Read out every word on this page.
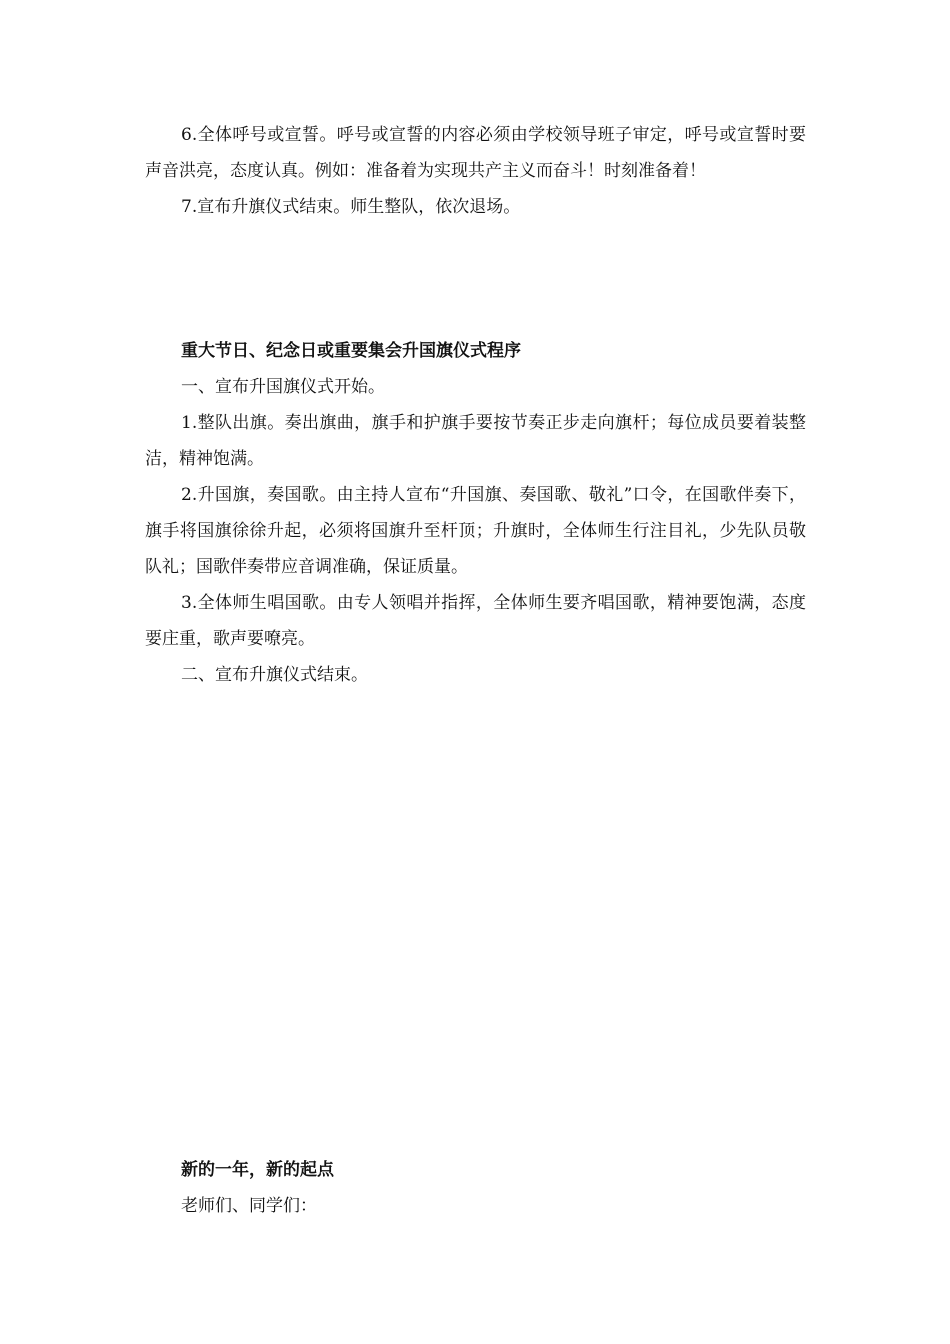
6.全体呼号或宣誓。呼号或宣誓的内容必须由学校领导班子审定，呼号或宣誓时要声音洪亮，态度认真。例如：准备着为实现共产主义而奋斗！时刻准备着！

7.宣布升旗仪式结束。师生整队，依次退场。

重大节日、纪念日或重要集会升国旗仪式程序

一、宣布升国旗仪式开始。

1.整队出旗。奏出旗曲，旗手和护旗手要按节奏正步走向旗杆；每位成员要着装整洁，精神饱满。

2.升国旗，奏国歌。由主持人宣布“升国旗、奏国歌、敬礼”口令，在国歌伴奏下，旗手将国旗徐徐升起，必须将国旗升至杆顶；升旗时，全体师生行注目礼，少先队员敬队礼；国歌伴奏带应音调准确，保证质量。

3.全体师生唱国歌。由专人领唱并指挥，全体师生要齐唱国歌，精神要饱满，态度要庄重，歌声要嘹亮。

二、宣布升旗仪式结束。

新的一年，新的起点

老师们、同学们：
